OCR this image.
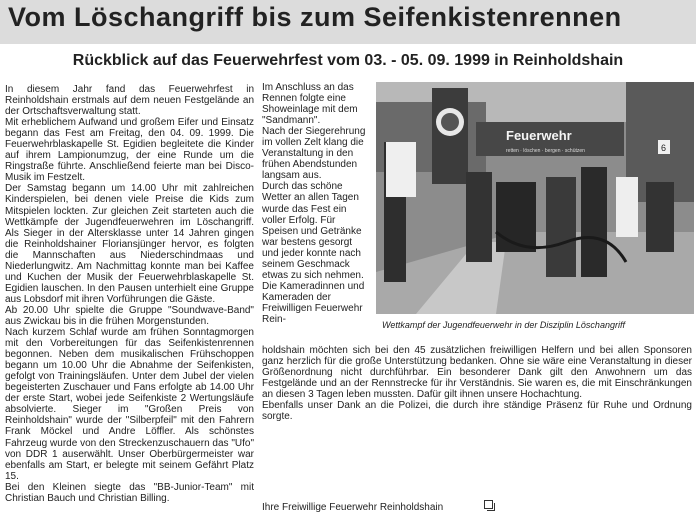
Vom Löschangriff bis zum Seifenkistenrennen
Rückblick auf das Feuerwehrfest vom 03. - 05. 09. 1999 in Reinholdshain

In diesem Jahr fand das Feuerwehrfest in Reinholdshain erstmals auf dem neuen Festgelände an der Ortschaftsverwaltung statt.

Mit erheblichem Aufwand und großem Eifer und Einsatz begann das Fest am Freitag, den 04. 09. 1999. Die Feuerwehrblaskapelle St. Egidien begleitete die Kinder auf ihrem Lampionumzug, der eine Runde um die Ringstraße führte. Anschließend feierte man bei Disco-Musik im Festzelt.

Der Samstag begann um 14.00 Uhr mit zahlreichen Kinderspielen, bei denen viele Preise die Kids zum Mitspielen lockten. Zur gleichen Zeit starteten auch die Wettkämpfe der Jugendfeuerwehren im Löschangriff. Als Sieger in der Altersklasse unter 14 Jahren gingen die Reinholdshainer Floriansjünger hervor, es folgten die Mannschaften aus Niederschindmaas und Niederlungwitz. Am Nachmittag konnte man bei Kaffee und Kuchen der Musik der Feuerwehrblaskapelle St. Egidien lauschen. In den Pausen unterhielt eine Gruppe aus Lobsdorf mit ihren Vorführungen die Gäste.

Ab 20.00 Uhr spielte die Gruppe "Soundwave-Band" aus Zwickau bis in die frühen Morgenstunden.

Nach kurzem Schlaf wurde am frühen Sonntagmorgen mit den Vorbereitungen für das Seifenkistenrennen begonnen. Neben dem musikalischen Frühschoppen begann um 10.00 Uhr die Abnahme der Seifenkisten, gefolgt von Trainingsläufen. Unter dem Jubel der vielen begeisterten Zuschauer und Fans erfolgte ab 14.00 Uhr der erste Start, wobei jede Seifenkiste 2 Wertungsläufe absolvierte. Sieger im "Großen Preis von Reinholdshain" wurde der "Silberpfeil" mit den Fahrern Frank Möckel und Andre Löffler. Als schönstes Fahrzeug wurde von den Streckenzuschauern das "Ufo" von DDR 1 auserwählt. Unser Oberbürgermeister war ebenfalls am Start, er belegte mit seinem Gefährt Platz 15.

Bei den Kleinen siegte das "BB-Junior-Team" mit Christian Bauch und Christian Billing.

Im Anschluss an das Rennen folgte eine Showeinlage mit dem "Sandmann".

Nach der Siegerehrung im vollen Zelt klang die Veranstaltung in den frühen Abendstunden langsam aus.

Durch das schöne Wetter an allen Tagen wurde das Fest ein voller Erfolg. Für Speisen und Getränke war bestens gesorgt und jeder konnte nach seinem Geschmack etwas zu sich nehmen.

Die Kameradinnen und Kameraden der Freiwilligen Feuerwehr Rein-

Feuerwehr
retten · löschen · bergen · schützen	6
Wettkampf der Jugendfeuerwehr in der Disziplin Löschangriff

holdshain möchten sich bei den 45 zusätzlichen freiwilligen Helfern und bei allen Sponsoren ganz herzlich für die große Unterstützung bedanken. Ohne sie wäre eine Veranstaltung in dieser Größenordnung nicht durchführbar. Ein besonderer Dank gilt den Anwohnern um das Festgelände und an der Rennstrecke für ihr Verständnis. Sie waren es, die mit Einschränkungen an diesen 3 Tagen leben mussten. Dafür gilt ihnen unsere Hochachtung.

Ebenfalls unser Dank an die Polizei, die durch ihre ständige Präsenz für Ruhe und Ordnung sorgte.

Ihre Freiwillige Feuerwehr Reinholdshain
